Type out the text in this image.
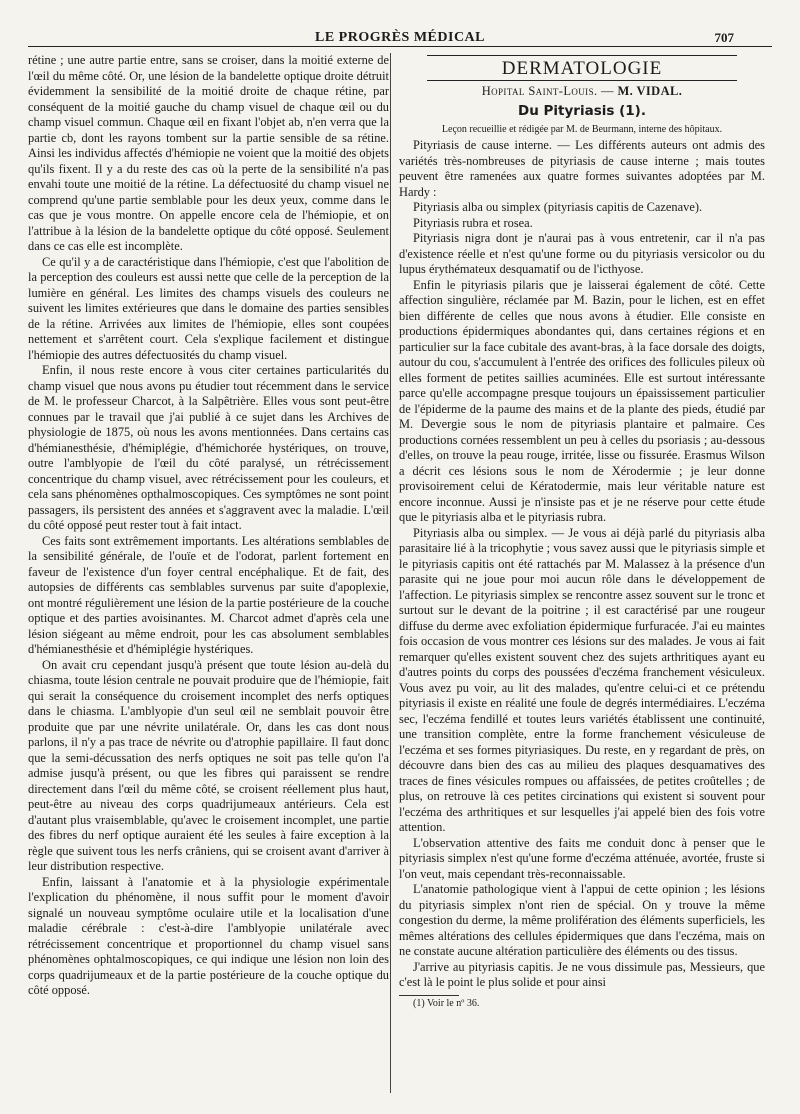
LE PROGRÈS MÉDICAL	707

rétine ; une autre partie entre, sans se croiser, dans la moitié externe de l'œil du même côté. Or, une lésion de la bandelette optique droite détruit évidemment la sensibilité de la moitié droite de chaque rétine, par conséquent de la moitié gauche du champ visuel de chaque œil ou du champ visuel commun. Chaque œil en fixant l'objet ab, n'en verra que la partie cb, dont les rayons tombent sur la partie sensible de sa rétine. Ainsi les individus affectés d'hémiopie ne voient que la moitié des objets qu'ils fixent. Il y a du reste des cas où la perte de la sensibilité n'a pas envahi toute une moitié de la rétine. La défectuosité du champ visuel ne comprend qu'une partie semblable pour les deux yeux, comme dans le cas que je vous montre. On appelle encore cela de l'hémiopie, et on l'attribue à la lésion de la bandelette optique du côté opposé. Seulement dans ce cas elle est incomplète.

Ce qu'il y a de caractéristique dans l'hémiopie, c'est que l'abolition de la perception des couleurs est aussi nette que celle de la perception de la lumière en général. Les limites des champs visuels des couleurs ne suivent les limites extérieures que dans le domaine des parties sensibles de la rétine. Arrivées aux limites de l'hémiopie, elles sont coupées nettement et s'arrêtent court. Cela s'explique facilement et distingue l'hémiopie des autres défectuosités du champ visuel.

Enfin, il nous reste encore à vous citer certaines particularités du champ visuel que nous avons pu étudier tout récemment dans le service de M. le professeur Charcot, à la Salpêtrière. Elles vous sont peut-être connues par le travail que j'ai publié à ce sujet dans les Archives de physiologie de 1875, où nous les avons mentionnées. Dans certains cas d'hémianesthésie, d'hémiplégie, d'hémichorée hystériques, on trouve, outre l'amblyopie de l'œil du côté paralysé, un rétrécissement concentrique du champ visuel, avec rétrécissement pour les couleurs, et cela sans phénomènes opthalmoscopiques. Ces symptômes ne sont point passagers, ils persistent des années et s'aggravent avec la maladie. L'œil du côté opposé peut rester tout à fait intact.

Ces faits sont extrêmement importants. Les altérations semblables de la sensibilité générale, de l'ouïe et de l'odorat, parlent fortement en faveur de l'existence d'un foyer central encéphalique. Et de fait, des autopsies de différents cas semblables survenus par suite d'apoplexie, ont montré régulièrement une lésion de la partie postérieure de la couche optique et des parties avoisinantes. M. Charcot admet d'après cela une lésion siégeant au même endroit, pour les cas absolument semblables d'hémianesthésie et d'hémiplégie hystériques.

On avait cru cependant jusqu'à présent que toute lésion au-delà du chiasma, toute lésion centrale ne pouvait produire que de l'hémiopie, fait qui serait la conséquence du croisement incomplet des nerfs optiques dans le chiasma. L'amblyopie d'un seul œil ne semblait pouvoir être produite que par une névrite unilatérale. Or, dans les cas dont nous parlons, il n'y a pas trace de névrite ou d'atrophie papillaire. Il faut donc que la semi-décussation des nerfs optiques ne soit pas telle qu'on l'a admise jusqu'à présent, ou que les fibres qui paraissent se rendre directement dans l'œil du même côté, se croisent réellement plus haut, peut-être au niveau des corps quadrijumeaux antérieurs. Cela est d'autant plus vraisemblable, qu'avec le croisement incomplet, une partie des fibres du nerf optique auraient été les seules à faire exception à la règle que suivent tous les nerfs crâniens, qui se croisent avant d'arriver à leur distribution respective.

Enfin, laissant à l'anatomie et à la physiologie expérimentale l'explication du phénomène, il nous suffit pour le moment d'avoir signalé un nouveau symptôme oculaire utile et la localisation d'une maladie cérébrale : c'est-à-dire l'amblyopie unilatérale avec rétrécissement concentrique et proportionnel du champ visuel sans phénomènes ophtalmoscopiques, ce qui indique une lésion non loin des corps quadrijumeaux et de la partie postérieure de la couche optique du côté opposé.

DERMATOLOGIE
Hopital Saint-Louis. — M. VIDAL.
Du Pityriasis (1).
Leçon recueillie et rédigée par M. de Beurmann, interne des hôpitaux.

Pityriasis de cause interne. — Les différents auteurs ont admis des variétés très-nombreuses de pityriasis de cause interne ; mais toutes peuvent être ramenées aux quatre formes suivantes adoptées par M. Hardy :

Pityriasis alba ou simplex (pityriasis capitis de Cazenave).

Pityriasis rubra et rosea.

Pityriasis nigra dont je n'aurai pas à vous entretenir, car il n'a pas d'existence réelle et n'est qu'une forme ou du pityriasis versicolor ou du lupus érythémateux desquamatif ou de l'icthyose.

Enfin le pityriasis pilaris que je laisserai également de côté. Cette affection singulière, réclamée par M. Bazin, pour le lichen, est en effet bien différente de celles que nous avons à étudier. Elle consiste en productions épidermiques abondantes qui, dans certaines régions et en particulier sur la face cubitale des avant-bras, à la face dorsale des doigts, autour du cou, s'accumulent à l'entrée des orifices des follicules pileux où elles forment de petites saillies acuminées. Elle est surtout intéressante parce qu'elle accompagne presque toujours un épaississement particulier de l'épiderme de la paume des mains et de la plante des pieds, étudié par M. Devergie sous le nom de pityriasis plantaire et palmaire. Ces productions cornées ressemblent un peu à celles du psoriasis ; au-dessous d'elles, on trouve la peau rouge, irritée, lisse ou fissurée. Erasmus Wilson a décrit ces lésions sous le nom de Xérodermie ; je leur donne provisoirement celui de Kératodermie, mais leur véritable nature est encore inconnue. Aussi je n'insiste pas et je ne réserve pour cette étude que le pityriasis alba et le pityriasis rubra.

Pityriasis alba ou simplex. — Je vous ai déjà parlé du pityriasis alba parasitaire lié à la tricophytie ; vous savez aussi que le pityriasis simple et le pityriasis capitis ont été rattachés par M. Malassez à la présence d'un parasite qui ne joue pour moi aucun rôle dans le développement de l'affection. Le pityriasis simplex se rencontre assez souvent sur le tronc et surtout sur le devant de la poitrine ; il est caractérisé par une rougeur diffuse du derme avec exfoliation épidermique furfuracée. J'ai eu maintes fois occasion de vous montrer ces lésions sur des malades. Je vous ai fait remarquer qu'elles existent souvent chez des sujets arthritiques ayant eu d'autres points du corps des poussées d'eczéma franchement vésiculeux. Vous avez pu voir, au lit des malades, qu'entre celui-ci et ce prétendu pityriasis il existe en réalité une foule de degrés intermédiaires. L'eczéma sec, l'eczéma fendillé et toutes leurs variétés établissent une continuité, une transition complète, entre la forme franchement vésiculeuse de l'eczéma et ses formes pityriasiques. Du reste, en y regardant de près, on découvre dans bien des cas au milieu des plaques desquamatives des traces de fines vésicules rompues ou affaissées, de petites croûtelles ; de plus, on retrouve là ces petites circinations qui existent si souvent pour l'eczéma des arthritiques et sur lesquelles j'ai appelé bien des fois votre attention.

L'observation attentive des faits me conduit donc à penser que le pityriasis simplex n'est qu'une forme d'eczéma atténuée, avortée, fruste si l'on veut, mais cependant très-reconnaissable.

L'anatomie pathologique vient à l'appui de cette opinion ; les lésions du pityriasis simplex n'ont rien de spécial. On y trouve la même congestion du derme, la même prolifération des éléments superficiels, les mêmes altérations des cellules épidermiques que dans l'eczéma, mais on ne constate aucune altération particulière des éléments ou des tissus.

J'arrive au pityriasis capitis. Je ne vous dissimule pas, Messieurs, que c'est là le point le plus solide et pour ainsi

(1) Voir le nº 36.
